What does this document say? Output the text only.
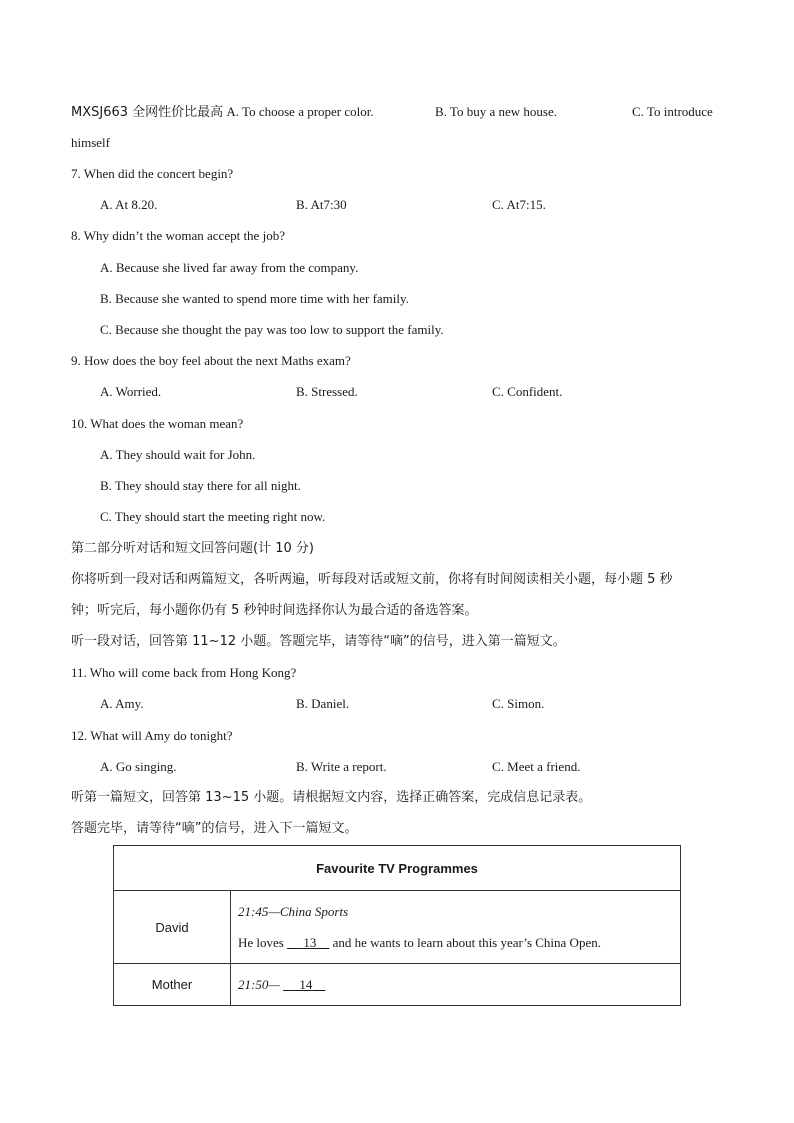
MXSJ663 全网性价比最高 A. To choose a proper color.	B. To buy a new house.	C. To introduce
himself
7. When did the concert begin?
A. At 8.20.	B. At7:30	C. At7:15.
8. Why didn’t the woman accept the job?
A. Because she lived far away from the company.
B. Because she wanted to spend more time with her family.
C. Because she thought the pay was too low to support the family.
9. How does the boy feel about the next Maths exam?
A. Worried.	B. Stressed.	C. Confident.
10. What does the woman mean?
A. They should wait for John.
B. They should stay there for all night.
C. They should start the meeting right now.
第二部分听对话和短文回答问题(计 10 分)
你将听到一段对话和两篇短文，各听两遍，听每段对话或短文前，你将有时间阅读相关小题，每小题 5 秒
钟；听完后，每小题你仍有 5 秒钟时间选择你认为最合适的备选答案。
听一段对话，回答第 11~12 小题。答题完毕，请等待“嘀”的信号，进入第一篇短文。
11. Who will come back from Hong Kong?
A. Amy.	B. Daniel.	C. Simon.
12. What will Amy do tonight?
A. Go singing.	B. Write a report.	C. Meet a friend.
听第一篇短文，回答第 13~15 小题。请根据短文内容，选择正确答案，完成信息记录表。
答题完毕，请等待“嘀”的信号，进入下一篇短文。
Favourite TV Programmes	
David	21:45—China Sports
He loves      13     and he wants to learn about this year’s China Open.

Mother	21:50—      14
